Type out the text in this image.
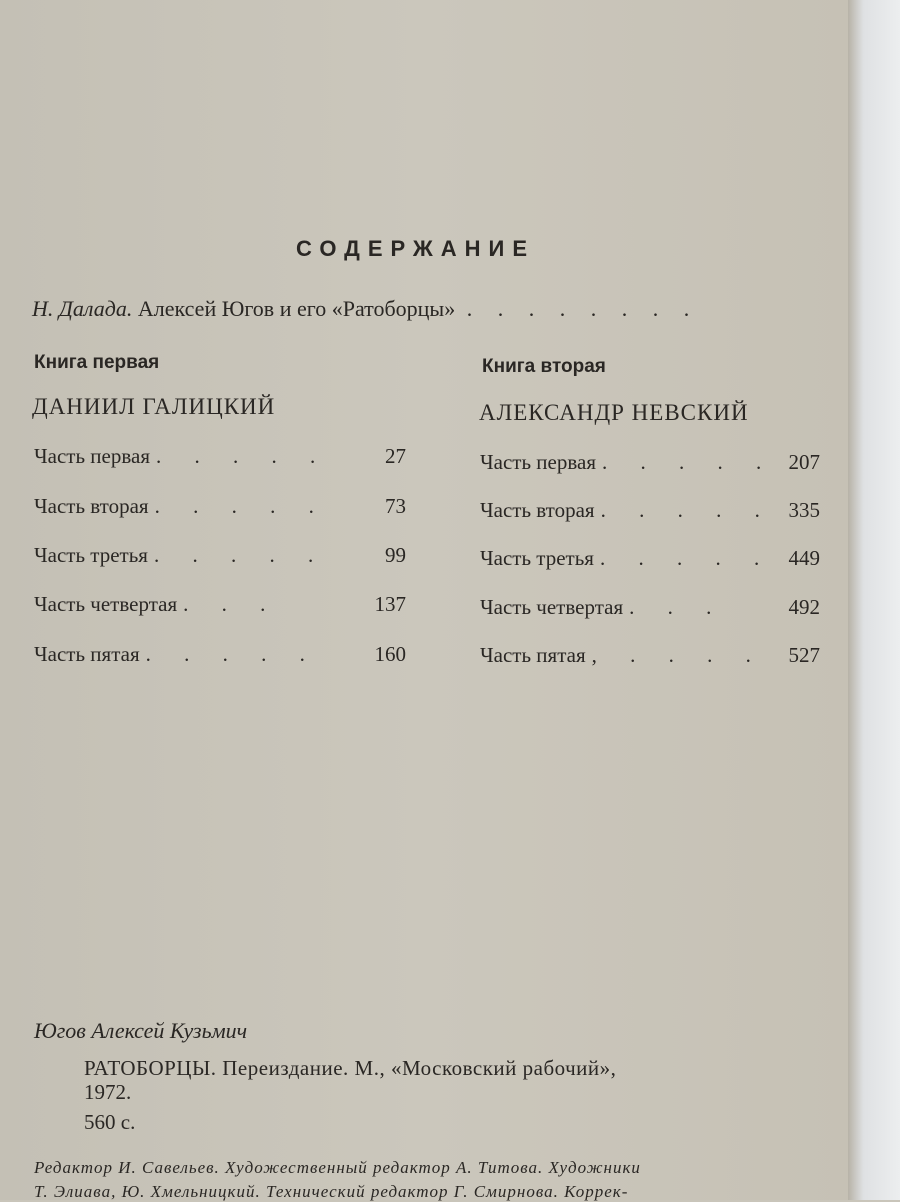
СОДЕРЖАНИЕ
Н. Далада. Алексей Югов и его «Ратоборцы» . . . . . . . .
Книга первая
ДАНИИЛ ГАЛИЦКИЙ
Часть первая . . . . .	27
Часть вторая . . . . .	73
Часть третья . . . . .	99
Часть четвертая . . .	137
Часть пятая . . . . .	160
Книга вторая
АЛЕКСАНДР НЕВСКИЙ
Часть первая . . . . . 207
Часть вторая . . . . . 335
Часть третья . . . . . 449
Часть четвертая . . .	492
Часть пятая , . . . .	527
Югов Алексей Кузьмич
РАТОБОРЦЫ. Переиздание. М., «Московский рабочий»,
1972.
560 с.
Редактор И. Савельев. Художественный редактор А. Титова. Художники
Т. Элиава, Ю. Хмельницкий. Технический редактор Г. Смирнова. Коррек-
